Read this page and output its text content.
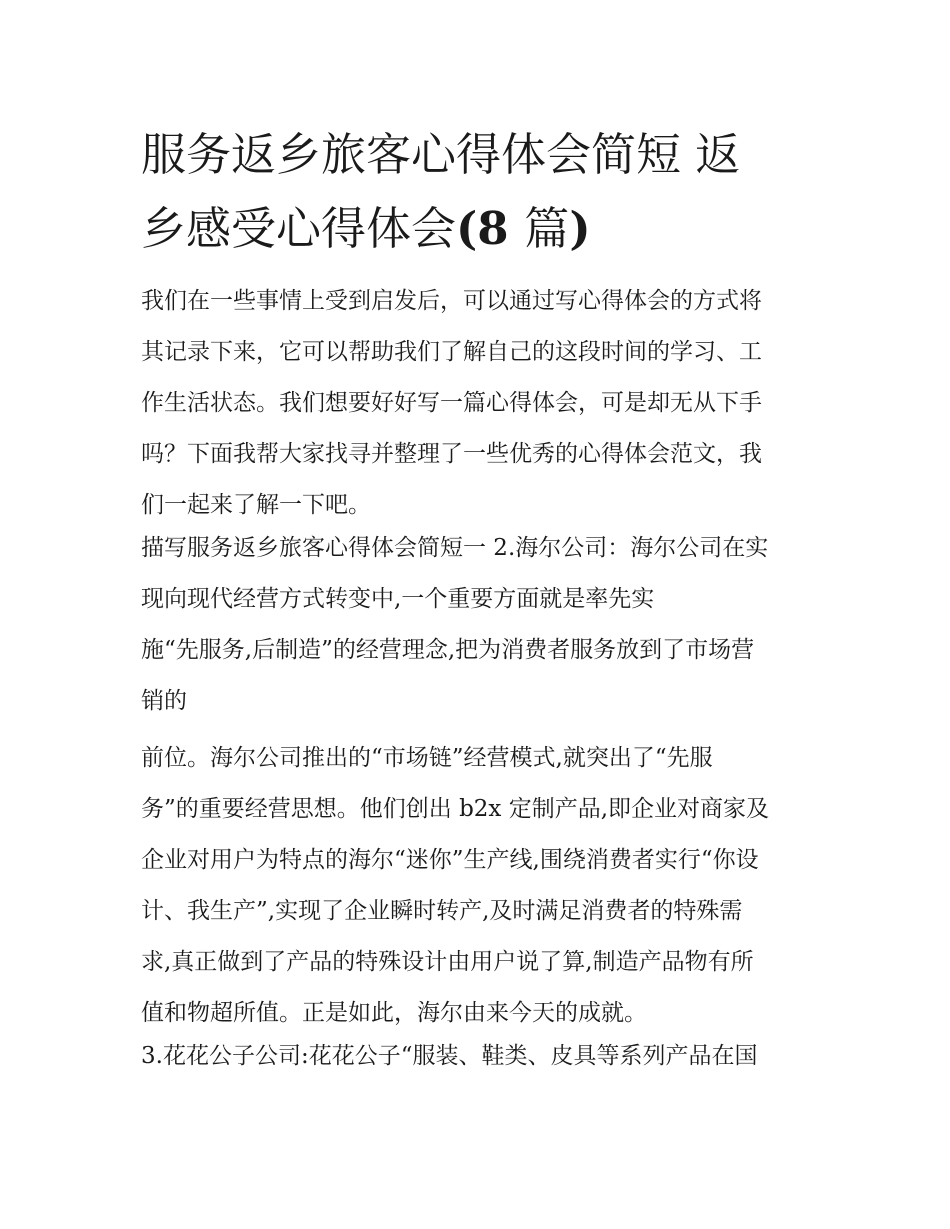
服务返乡旅客心得体会简短 返
乡感受心得体会(8 篇)
我们在一些事情上受到启发后，可以通过写心得体会的方式将
其记录下来，它可以帮助我们了解自己的这段时间的学习、工
作生活状态。我们想要好好写一篇心得体会，可是却无从下手
吗？下面我帮大家找寻并整理了一些优秀的心得体会范文，我
们一起来了解一下吧。
描写服务返乡旅客心得体会简短一 2.海尔公司：海尔公司在实
现向现代经营方式转变中,一个重要方面就是率先实
施“先服务,后制造”的经营理念,把为消费者服务放到了市场营
销的
前位。海尔公司推出的“市场链”经营模式,就突出了“先服
务”的重要经营思想。他们创出 b2x 定制产品,即企业对商家及
企业对用户为特点的海尔“迷你”生产线,围绕消费者实行“你设
计、我生产”,实现了企业瞬时转产,及时满足消费者的特殊需
求,真正做到了产品的特殊设计由用户说了算,制造产品物有所
值和物超所值。正是如此，海尔由来今天的成就。
3.花花公子公司:花花公子“服装、鞋类、皮具等系列产品在国
